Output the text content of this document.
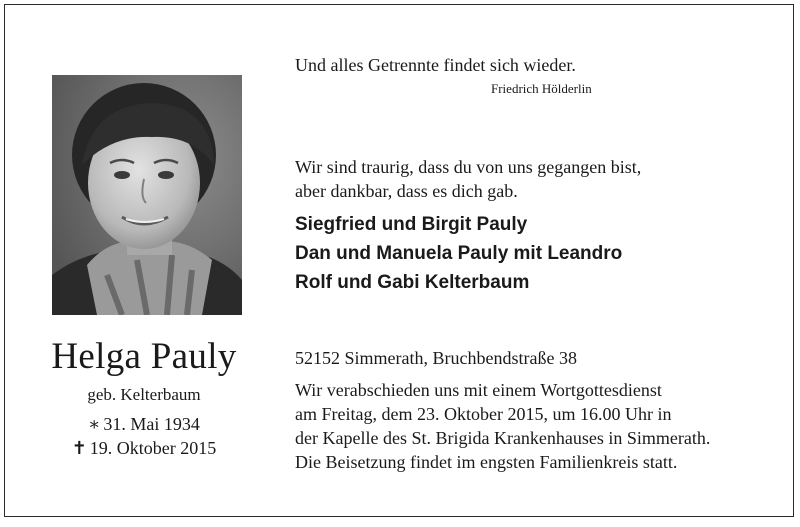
Helga Pauly
geb. Kelterbaum
∗ 31. Mai 1934
✝ 19. Oktober 2015
Und alles Getrennte findet sich wieder.
Friedrich Hölderlin
Wir sind traurig, dass du von uns gegangen bist,
aber dankbar, dass es dich gab.
Siegfried und Birgit Pauly
Dan und Manuela Pauly mit Leandro
Rolf und Gabi Kelterbaum
52152 Simmerath, Bruchbendstraße 38
Wir verabschieden uns mit einem Wortgottesdienst
am Freitag, dem 23. Oktober 2015, um 16.00 Uhr in
der Kapelle des St. Brigida Krankenhauses in Simmerath.
Die Beisetzung findet im engsten Familienkreis statt.
